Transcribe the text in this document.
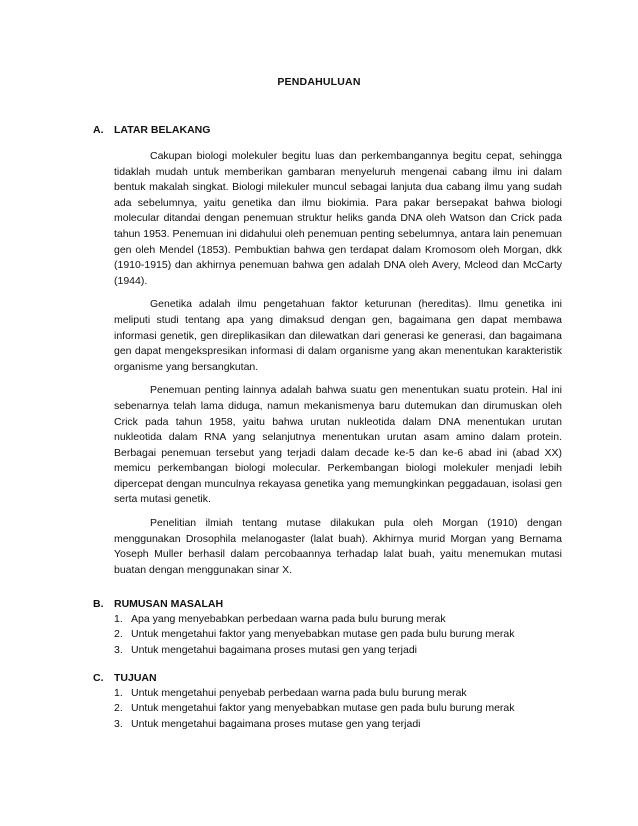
PENDAHULUAN
A. LATAR BELAKANG

Cakupan biologi molekuler begitu luas dan perkembangannya begitu cepat, sehingga tidaklah mudah untuk memberikan gambaran menyeluruh mengenai cabang ilmu ini dalam bentuk makalah singkat. Biologi milekuler muncul sebagai lanjuta dua cabang ilmu yang sudah ada sebelumnya, yaitu genetika dan ilmu biokimia. Para pakar bersepakat bahwa biologi molecular ditandai dengan penemuan struktur heliks ganda DNA oleh Watson dan Crick pada tahun 1953. Penemuan ini didahului oleh penemuan penting sebelumnya, antara lain penemuan gen oleh Mendel (1853). Pembuktian bahwa gen terdapat dalam Kromosom oleh Morgan, dkk (1910-1915) dan akhirnya penemuan bahwa gen adalah DNA oleh Avery, Mcleod dan McCarty (1944).

Genetika adalah ilmu pengetahuan faktor keturunan (hereditas). Ilmu genetika ini meliputi studi tentang apa yang dimaksud dengan gen, bagaimana gen dapat membawa informasi genetik, gen direplikasikan dan dilewatkan dari generasi ke generasi, dan bagaimana gen dapat mengekspresikan informasi di dalam organisme yang akan menentukan karakteristik organisme yang bersangkutan.

Penemuan penting lainnya adalah bahwa suatu gen menentukan suatu protein. Hal ini sebenarnya telah lama diduga, namun mekanismenya baru dutemukan dan dirumuskan oleh Crick pada tahun 1958, yaitu bahwa urutan nukleotida dalam DNA menentukan urutan nukleotida dalam RNA yang selanjutnya menentukan urutan asam amino dalam protein. Berbagai penemuan tersebut yang terjadi dalam decade ke-5 dan ke-6 abad ini (abad XX) memicu perkembangan biologi molecular. Perkembangan biologi molekuler menjadi lebih dipercepat dengan munculnya rekayasa genetika yang memungkinkan peggadauan, isolasi gen serta mutasi genetik.

Penelitian ilmiah tentang mutase dilakukan pula oleh Morgan (1910) dengan menggunakan Drosophila melanogaster (lalat buah). Akhirnya murid Morgan yang Bernama Yoseph Muller berhasil dalam percobaannya terhadap lalat buah, yaitu menemukan mutasi buatan dengan menggunakan sinar X.

B. RUMUSAN MASALAH
1. Apa yang menyebabkan perbedaan warna pada bulu burung merak
2. Untuk mengetahui faktor yang menyebabkan mutase gen pada bulu burung merak
3. Untuk mengetahui bagaimana proses mutasi gen yang terjadi
C. TUJUAN
1. Untuk mengetahui penyebab perbedaan warna pada bulu burung merak
2. Untuk mengetahui faktor yang menyebabkan mutase gen pada bulu burung merak
3. Untuk mengetahui bagaimana proses mutase gen yang terjadi
